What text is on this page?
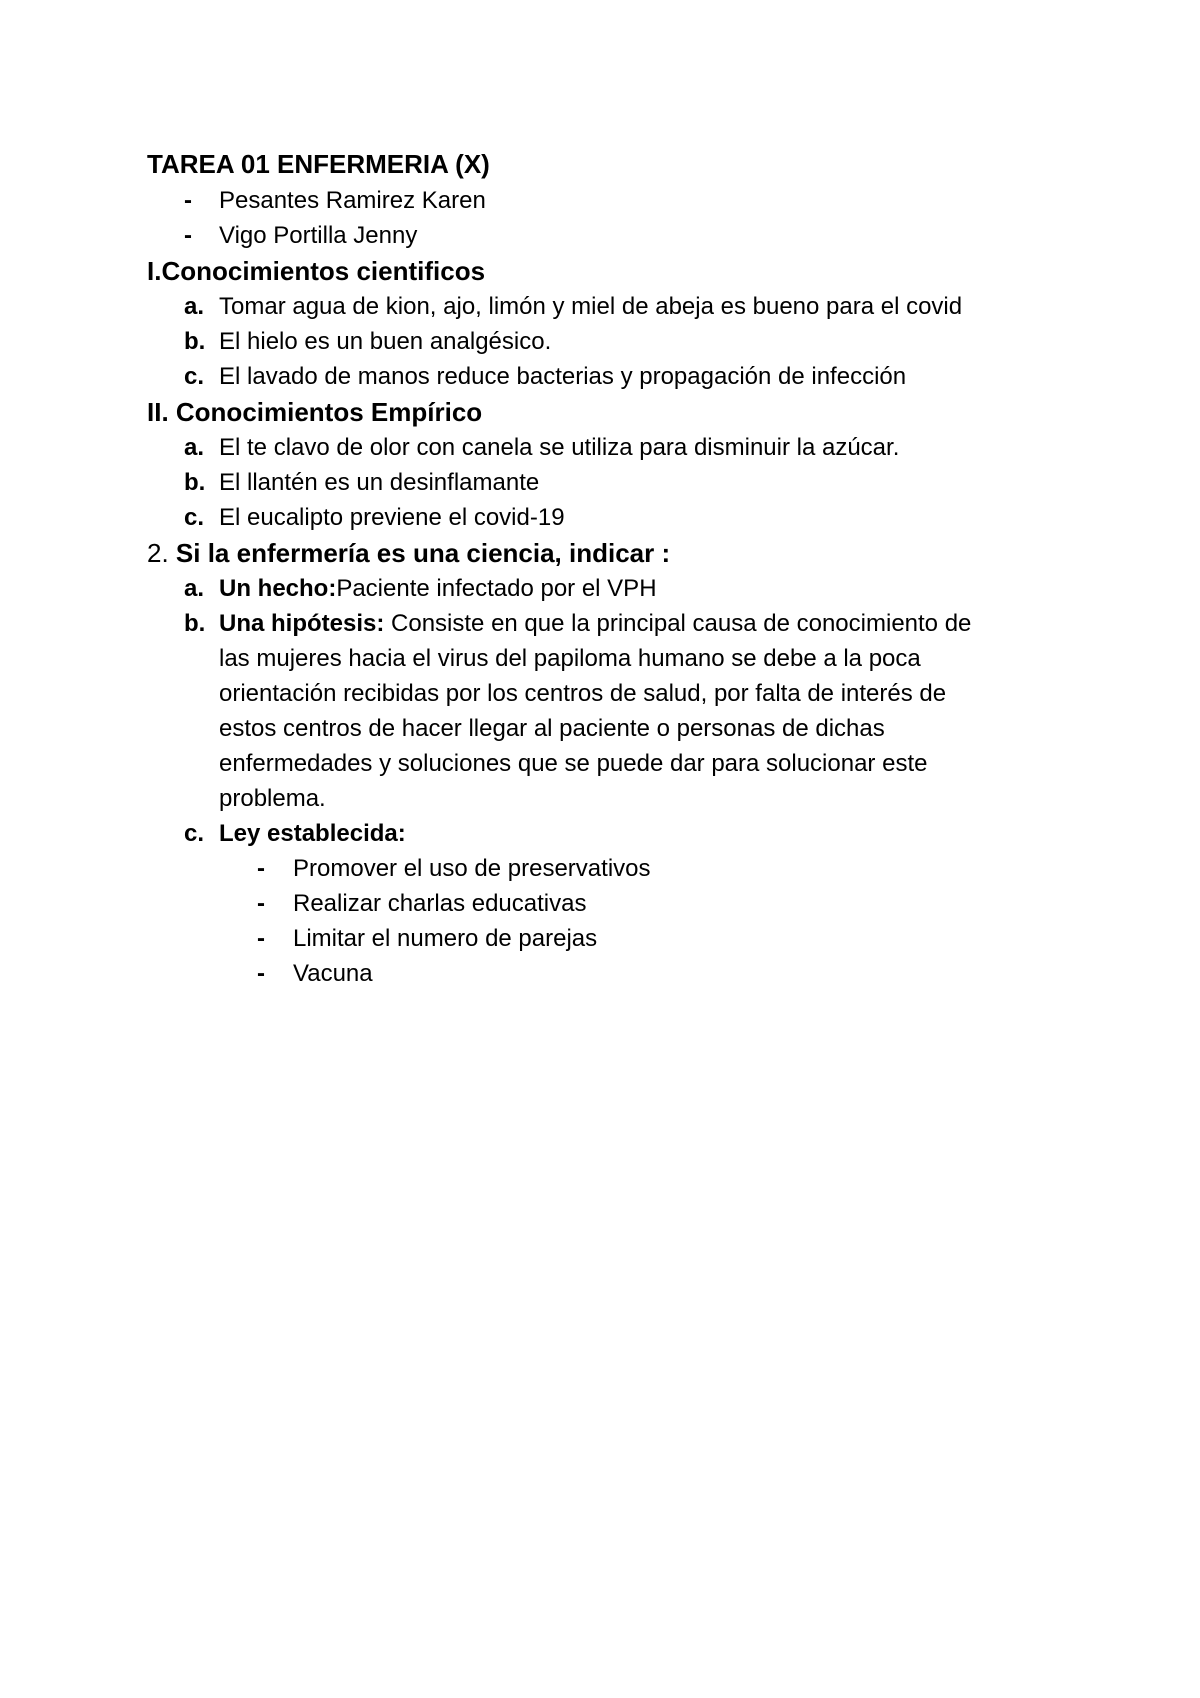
TAREA 01 ENFERMERIA (X)
- Pesantes Ramirez Karen
- Vigo Portilla Jenny
I.Conocimientos cientificos
a. Tomar agua de kion, ajo, limón y miel de abeja es bueno para el covid
b. El hielo es un buen analgésico.
c. El lavado de manos reduce bacterias y propagación de infección
II. Conocimientos Empírico
a. El te clavo de olor con canela se utiliza para disminuir la azúcar.
b. El llantén es un desinflamante
c. El eucalipto previene el covid-19
2. Si la enfermería es una ciencia, indicar :
a. Un hecho:Paciente infectado por el VPH
b. Una hipótesis: Consiste en que la principal causa de conocimiento de
las mujeres hacia el virus del papiloma humano se debe a la poca
orientación recibidas por los centros de salud, por falta de interés de
estos centros de hacer llegar al paciente o personas de dichas
enfermedades y soluciones que se puede dar para solucionar este
problema.
c. Ley establecida:
- Promover el uso de preservativos
- Realizar charlas educativas
- Limitar el numero de parejas
- Vacuna
